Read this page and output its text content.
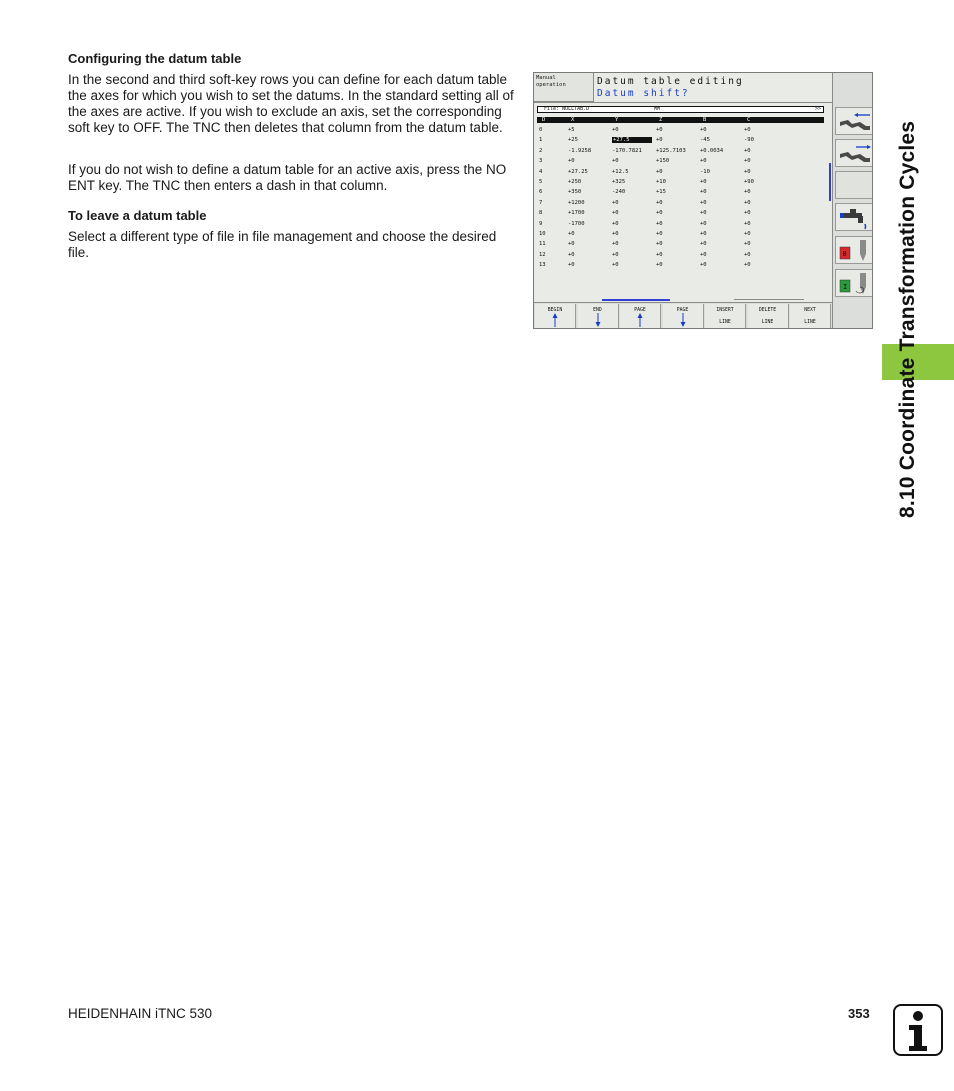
Configuring the datum table

In the second and third soft-key rows you can define for each datum table the axes for which you wish to set the datums. In the standard setting all of the axes are active. If you wish to exclude an axis, set the corresponding soft key to OFF. The TNC then deletes that column from the datum table.

If you do not wish to define a datum table for an active axis, press the NO ENT key. The TNC then enters a dash in that column.

To leave a datum table

Select a different type of file in file management and choose the desired file.

Manual
operation	Datum table editing
Datum shift?
File: NULLTAB.D	MM	>>
D	X	Y	Z	B	C
0	+5	+0	+0	+0	+0
1	+25	+27.5	+0	-45	-90
2	-1.9258	-170.7821	+125.7103	+0.0034	+0
3	+0	+0	+150	+0	+0
4	+27.25	+12.5	+0	-10	+0
5	+250	+325	+10	+0	+90
6	+350	-240	+15	+0	+0
7	+1200	+0	+0	+0	+0
8	+1700	+0	+0	+0	+0
9	-1700	+0	+0	+0	+0
10	+0	+0	+0	+0	+0
11	+0	+0	+0	+0	+0
12	+0	+0	+0	+0	+0
13	+0	+0	+0	+0	+0
BEGIN	END	PAGE	PAGE	INSERT
LINE
DELETE
LINE
NEXT
LINE
0
I 8.10 Coordinate Transformation Cycles
HEIDENHAIN iTNC 530	353
